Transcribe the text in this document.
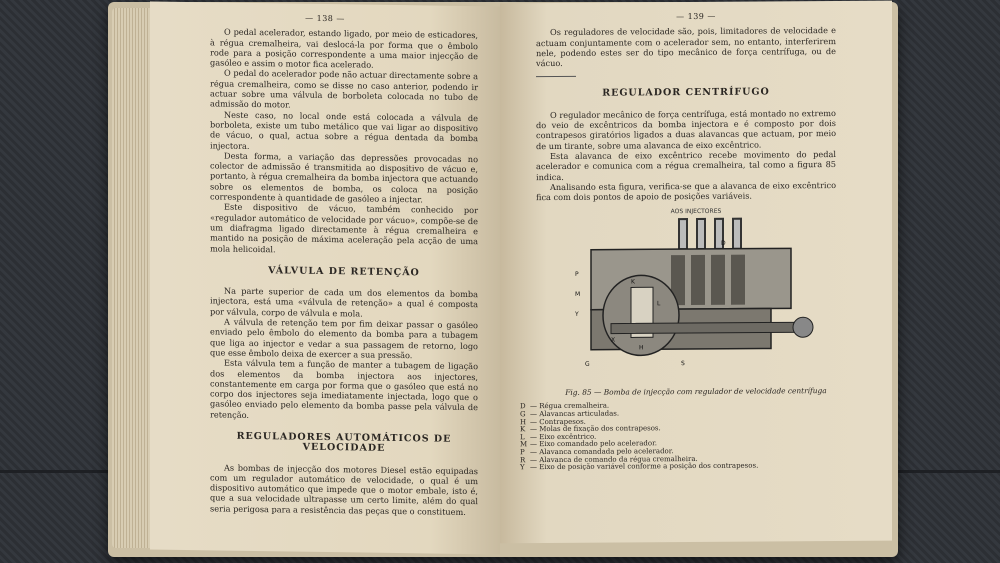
— 138 —

O pedal acelerador, estando ligado, por meio de esticadores, à régua cremalheira, vai deslocá-la por forma que o êmbolo rode para a posição correspondente a uma maior injecção de gasóleo e assim o motor fica acelerado.

O pedal do acelerador pode não actuar directamente sobre a régua cremalheira, como se disse no caso anterior, podendo ir actuar sobre uma válvula de borboleta colocada no tubo de admissão do motor.

Neste caso, no local onde está colocada a válvula de borboleta, existe um tubo metálico que vai ligar ao dispositivo de vácuo, o qual, actua sobre a régua dentada da bomba injectora.

Desta forma, a variação das depressões provocadas no colector de admissão é transmitida ao dispositivo de vácuo e, portanto, à régua cremalheira da bomba injectora que actuando sobre os elementos de bomba, os coloca na posição correspondente à quantidade de gasóleo a injectar.

Este dispositivo de vácuo, também conhecido por «regulador automático de velocidade por vácuo», compõe-se de um diafragma ligado directamente à régua cremalheira e mantido na posição de máxima aceleração pela acção de uma mola helicoidal.

VÁLVULA DE RETENÇÃO

Na parte superior de cada um dos elementos da bomba injectora, está uma «válvula de retenção» a qual é composta por válvula, corpo de válvula e mola.

A válvula de retenção tem por fim deixar passar o gasóleo enviado pelo êmbolo do elemento da bomba para a tubagem que liga ao injector e vedar a sua passagem de retorno, logo que esse êmbolo deixa de exercer a sua pressão.

Esta válvula tem a função de manter a tubagem de ligação dos elementos da bomba injectora aos injectores, constantemente em carga por forma que o gasóleo que está no corpo dos injectores seja imediatamente injectada, logo que o gasóleo enviado pelo elemento da bomba passe pela válvula de retenção.

REGULADORES AUTOMÁTICOS DE VELOCIDADE

As bombas de injecção dos motores Diesel estão equipadas com um regulador automático de velocidade, o qual é um dispositivo automático que impede que o motor embale, isto é, que a sua velocidade ultrapasse um certo limite, além do qual seria perigosa para a resistência das peças que o constituem.

— 139 —

Os reguladores de velocidade são, pois, limitadores de velocidade e actuam conjuntamente com o acelerador sem, no entanto, interferirem nele, podendo estes ser do tipo mecânico de força centrífuga, ou de vácuo.

REGULADOR CENTRÍFUGO

O regulador mecânico de força centrífuga, está montado no extremo do veio de excêntricos da bomba injectora e é composto por dois contrapesos giratórios ligados a duas alavancas que actuam, por meio de um tirante, sobre uma alavanca de eixo excêntrico.

Esta alavanca de eixo excêntrico recebe movimento do pedal acelerador e comunica com a régua cremalheira, tal como a figura 85 indica.

Analisando esta figura, verifica-se que a alavanca de eixo excêntrico fica com dois pontos de apoio de posições variáveis.

AOS INJECTORES
P
M
Y
G
K
L
H
D
S
X
Fig. 85 — Bomba de injecção com regulador de velocidade centrífuga
D — Régua cremalheira.
G — Alavancas articuladas.
H — Contrapesos.
K — Molas de fixação dos contrapesos.
L — Eixo excêntrico.
M — Eixo comandado pelo acelerador.
P — Alavanca comandada pelo acelerador.
R — Alavanca de comando da régua cremalheira.
Y — Eixo de posição variável conforme a posição dos contrapesos.
